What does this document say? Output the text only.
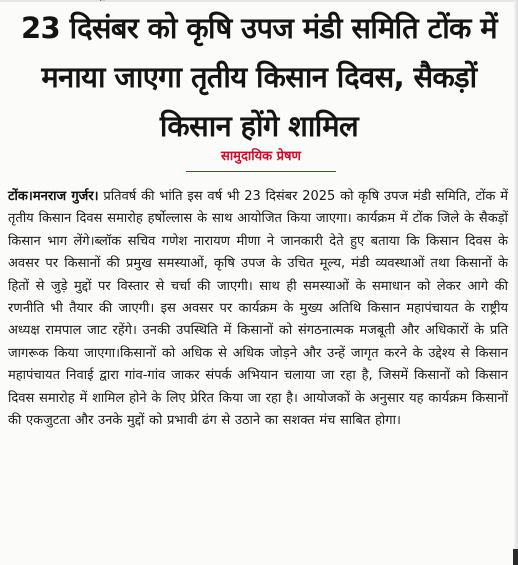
23 दिसंबर को कृषि उपज मंडी समिति टोंक में मनाया जाएगा तृतीय किसान दिवस, सैकड़ों किसान होंगे शामिल
सामुदायिक प्रेषण

टोंक।मनराज गुर्जर। प्रतिवर्ष की भांति इस वर्ष भी 23 दिसंबर 2025 को कृषि उपज मंडी समिति, टोंक में तृतीय किसान दिवस समारोह हर्षोल्लास के साथ आयोजित किया जाएगा। कार्यक्रम में टोंक जिले के सैकड़ों किसान भाग लेंगे।ब्लॉक सचिव गणेश नारायण मीणा ने जानकारी देते हुए बताया कि किसान दिवस के अवसर पर किसानों की प्रमुख समस्याओं, कृषि उपज के उचित मूल्य, मंडी व्यवस्थाओं तथा किसानों के हितों से जुड़े मुद्दों पर विस्तार से चर्चा की जाएगी। साथ ही समस्याओं के समाधान को लेकर आगे की रणनीति भी तैयार की जाएगी। इस अवसर पर कार्यक्रम के मुख्य अतिथि किसान महापंचायत के राष्ट्रीय अध्यक्ष रामपाल जाट रहेंगे। उनकी उपस्थिति में किसानों को संगठनात्मक मजबूती और अधिकारों के प्रति जागरूक किया जाएगा।किसानों को अधिक से अधिक जोड़ने और उन्हें जागृत करने के उद्देश्य से किसान महापंचायत निवाई द्वारा गांव-गांव जाकर संपर्क अभियान चलाया जा रहा है, जिसमें किसानों को किसान दिवस समारोह में शामिल होने के लिए प्रेरित किया जा रहा है। आयोजकों के अनुसार यह कार्यक्रम किसानों की एकजुटता और उनके मुद्दों को प्रभावी ढंग से उठाने का सशक्त मंच साबित होगा।
